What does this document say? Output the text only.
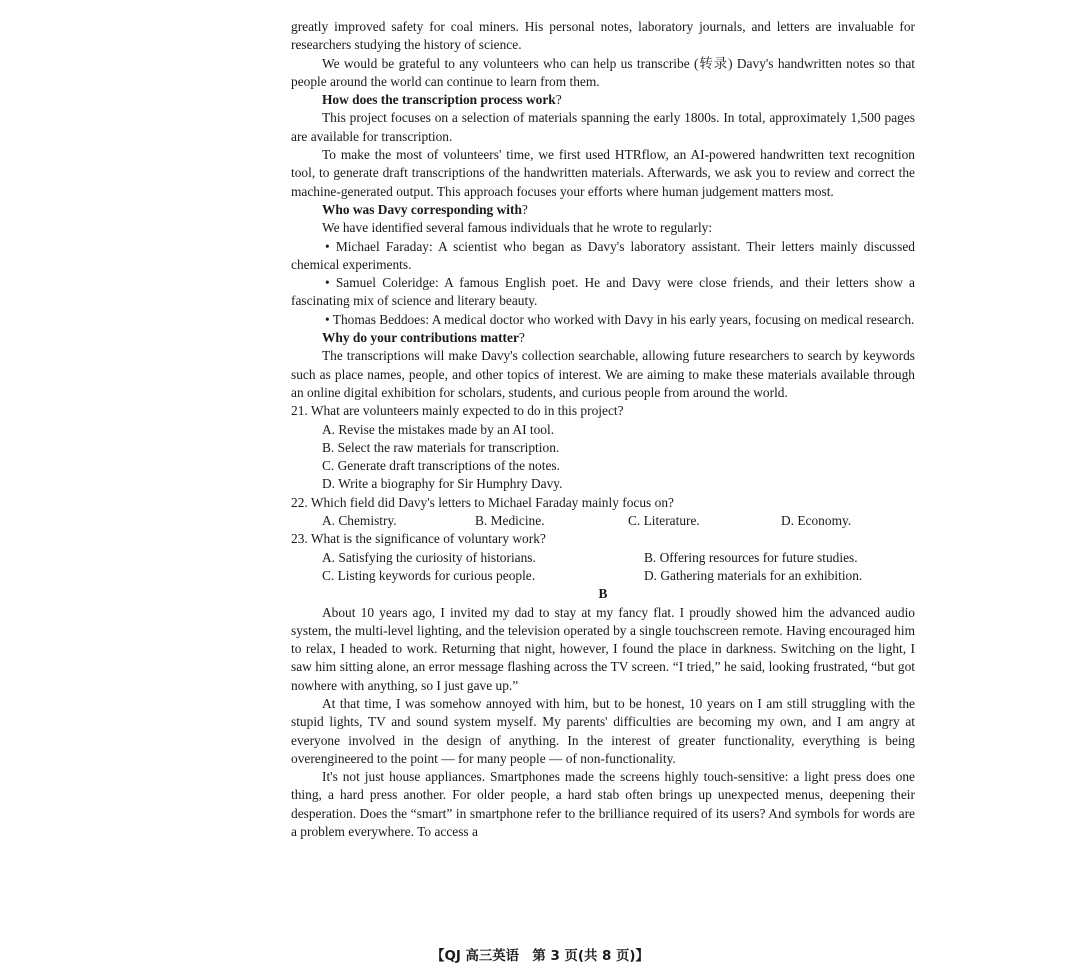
greatly improved safety for coal miners. His personal notes, laboratory journals, and letters are invaluable for researchers studying the history of science.

We would be grateful to any volunteers who can help us transcribe (转录) Davy's handwritten notes so that people around the world can continue to learn from them.

How does the transcription process work?

This project focuses on a selection of materials spanning the early 1800s. In total, approximately 1,500 pages are available for transcription.

To make the most of volunteers' time, we first used HTRflow, an AI-powered handwritten text recognition tool, to generate draft transcriptions of the handwritten materials. Afterwards, we ask you to review and correct the machine-generated output. This approach focuses your efforts where human judgement matters most.

Who was Davy corresponding with?

We have identified several famous individuals that he wrote to regularly:

• Michael Faraday: A scientist who began as Davy's laboratory assistant. Their letters mainly discussed chemical experiments.

• Samuel Coleridge: A famous English poet. He and Davy were close friends, and their letters show a fascinating mix of science and literary beauty.

• Thomas Beddoes: A medical doctor who worked with Davy in his early years, focusing on medical research.

Why do your contributions matter?

The transcriptions will make Davy's collection searchable, allowing future researchers to search by keywords such as place names, people, and other topics of interest. We are aiming to make these materials available through an online digital exhibition for scholars, students, and curious people from around the world.

21. What are volunteers mainly expected to do in this project?

A. Revise the mistakes made by an AI tool.

B. Select the raw materials for transcription.

C. Generate draft transcriptions of the notes.

D. Write a biography for Sir Humphry Davy.

22. Which field did Davy's letters to Michael Faraday mainly focus on?

A. Chemistry.	B. Medicine.	C. Literature.	D. Economy.

23. What is the significance of voluntary work?

A. Satisfying the curiosity of historians.	B. Offering resources for future studies.
C. Listing keywords for curious people.	D. Gathering materials for an exhibition.

B

About 10 years ago, I invited my dad to stay at my fancy flat. I proudly showed him the advanced audio system, the multi-level lighting, and the television operated by a single touchscreen remote. Having encouraged him to relax, I headed to work. Returning that night, however, I found the place in darkness. Switching on the light, I saw him sitting alone, an error message flashing across the TV screen. “I tried,” he said, looking frustrated, “but got nowhere with anything, so I just gave up.”

At that time, I was somehow annoyed with him, but to be honest, 10 years on I am still struggling with the stupid lights, TV and sound system myself. My parents' difficulties are becoming my own, and I am angry at everyone involved in the design of anything. In the interest of greater functionality, everything is being overengineered to the point — for many people — of non-functionality.

It's not just house appliances. Smartphones made the screens highly touch-sensitive: a light press does one thing, a hard press another. For older people, a hard stab often brings up unexpected menus, deepening their desperation. Does the “smart” in smartphone refer to the brilliance required of its users? And symbols for words are a problem everywhere. To access a

【QJ 高三英语　第 3 页(共 8 页)】
